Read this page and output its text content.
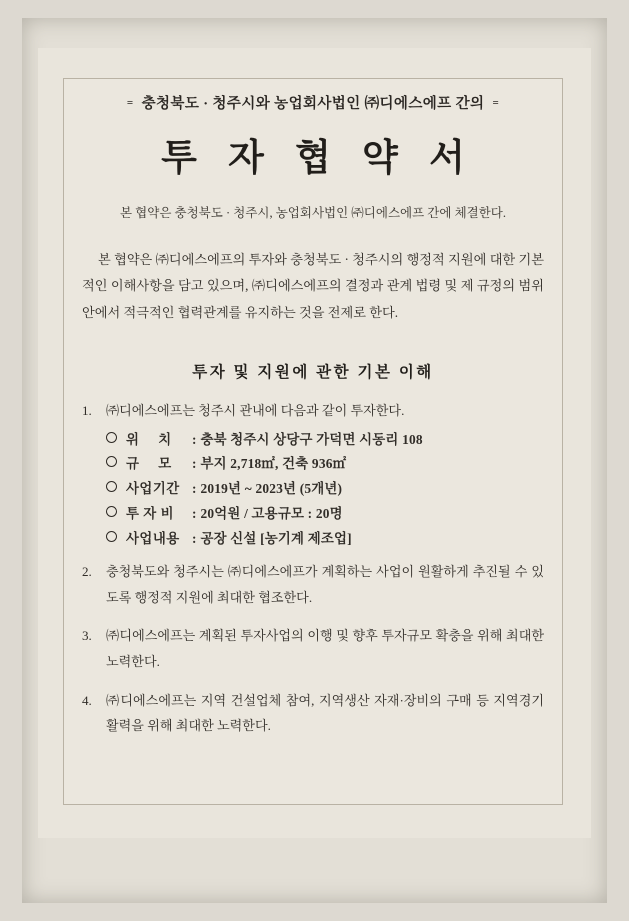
= 충청북도 · 청주시와 농업회사법인 ㈜디에스에프 간의 =
투 자 협 약 서
본 협약은 충청북도 · 청주시, 농업회사법인 ㈜디에스에프 간에 체결한다.
본 협약은 ㈜디에스에프의 투자와 충청북도 · 청주시의 행정적 지원에 대한 기본적인 이해사항을 담고 있으며, ㈜디에스에프의 결정과 관계 법령 및 제 규정의 범위 안에서 적극적인 협력관계를 유지하는 것을 전제로 한다.
투자 및 지원에 관한 기본 이해
1.	㈜디에스에프는 청주시 관내에 다음과 같이 투자한다.
위 치 : 충북 청주시 상당구 가덕면 시동리 108
규 모 : 부지 2,718㎡, 건축 936㎡
사업기간 : 2019년 ~ 2023년 (5개년)
투 자 비	: 20억원 / 고용규모 : 20명
사업내용 : 공장 신설 [농기계 제조업]
2.	충청북도와 청주시는 ㈜디에스에프가 계획하는 사업이 원활하게 추진될 수 있도록 행정적 지원에 최대한 협조한다.
3.	㈜디에스에프는 계획된 투자사업의 이행 및 향후 투자규모 확충을 위해 최대한 노력한다.
4.	㈜디에스에프는 지역 건설업체 참여, 지역생산 자재·장비의 구매 등 지역경기 활력을 위해 최대한 노력한다.
